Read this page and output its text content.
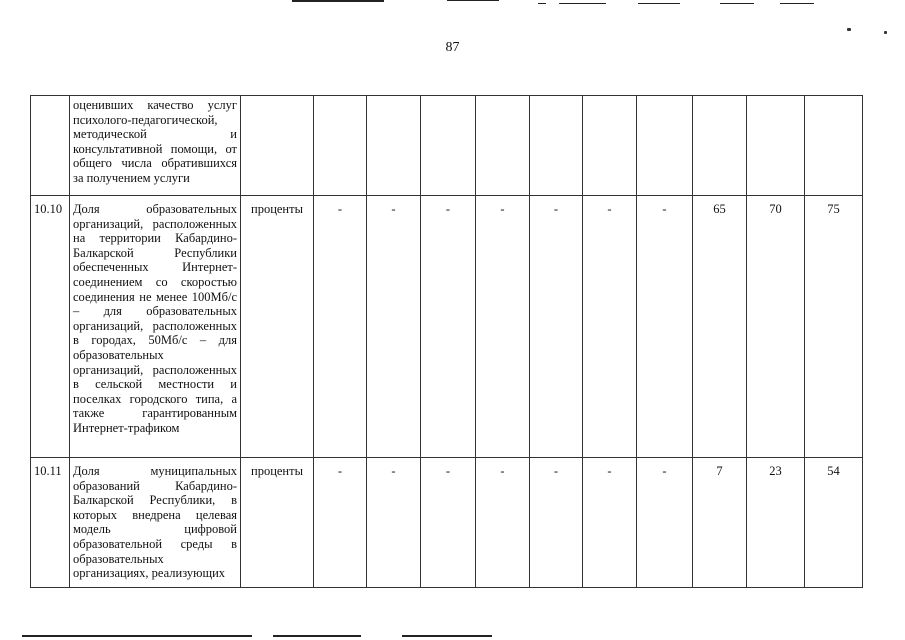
87
	оценивших качество услуг психолого-педагогической, методической и консультативной помощи, от общего числа обратившихся за получением услуги											
10.10	Доля образовательных организаций, расположенных на территории Кабардино-Балкарской Республики обеспеченных Интернет-соединением со скоростью соединения не менее 100Мб/с – для образовательных организаций, расположенных в городах, 50Мб/с – для образовательных организаций, расположенных в сельской местности и поселках городского типа, а также гарантированным Интернет-трафиком	проценты	-	-	-	-	-	-	-	65	70	75
10.11	Доля муниципальных образований Кабардино-Балкарской Республики, в которых внедрена целевая модель цифровой образовательной среды в образовательных организациях, реализующих	проценты	-	-	-	-	-	-	-	7	23	54
